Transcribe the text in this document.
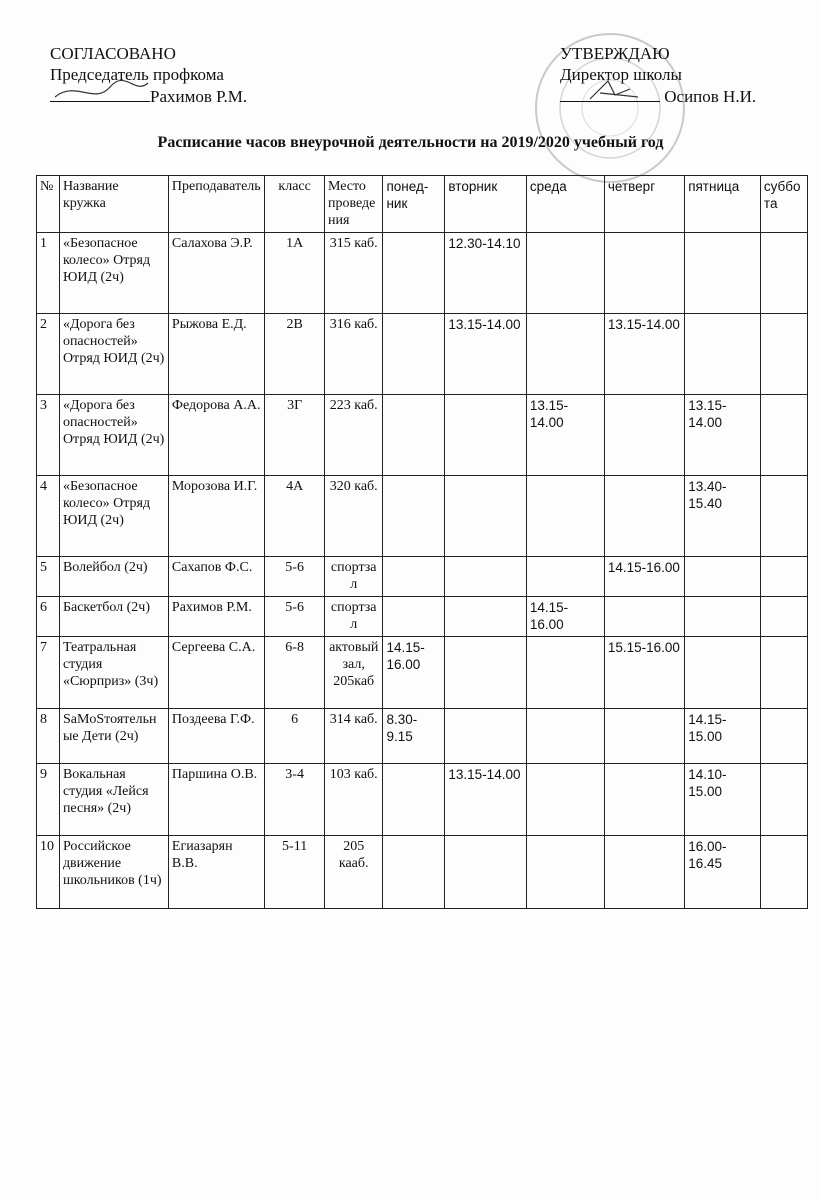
СОГЛАСОВАНО
Председатель профкома
Рахимов Р.М.
УТВЕРЖДАЮ
Директор школы
Осипов Н.И.
Расписание часов внеурочной деятельности на 2019/2020 учебный год
№	Название кружка	Преподаватель	класс	Место проведения	понед-ник	вторник	среда	четверг	пятница	суббота
1	«Безопасное колесо» Отряд ЮИД (2ч)	Салахова Э.Р.	1А	315 каб.		12.30-14.10				
2	«Дорога без опасностей» Отряд ЮИД (2ч)	Рыжова Е.Д.	2В	316 каб.		13.15-14.00		13.15-14.00		
3	«Дорога без опасностей» Отряд ЮИД (2ч)	Федорова А.А.	3Г	223 каб.			13.15-14.00		13.15-14.00	
4	«Безопасное колесо» Отряд ЮИД (2ч)	Морозова И.Г.	4А	320 каб.					13.40-15.40	
5	Волейбол (2ч)	Сахапов Ф.С.	5-6	спортзал				14.15-16.00		
6	Баскетбол (2ч)	Рахимов Р.М.	5-6	спортзал			14.15-16.00			
7	Театральная студия «Сюрприз» (3ч)	Сергеева С.А.	6-8	актовый зал, 205каб	14.15-16.00			15.15-16.00		
8	SaMoSтоятельные Дети (2ч)	Поздеева Г.Ф.	6	314 каб.	8.30-9.15				14.15-15.00	
9	Вокальная студия «Лейся песня» (2ч)	Паршина О.В.	3-4	103 каб.		13.15-14.00			14.10-15.00	
10	Российское движение школьников (1ч)	Егиазарян В.В.	5-11	205 кааб.					16.00-16.45	
